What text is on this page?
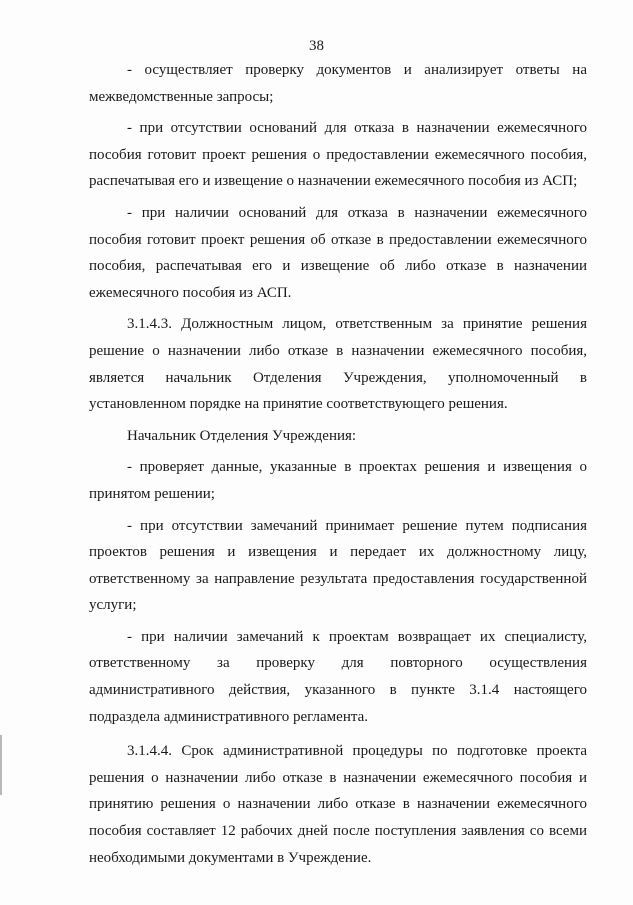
38

- осуществляет проверку документов и анализирует ответы на межведомственные запросы;

- при отсутствии оснований для отказа в назначении ежемесячного пособия готовит проект решения о предоставлении ежемесячного пособия, распечатывая его и извещение о назначении ежемесячного пособия из АСП;

- при наличии оснований для отказа в назначении ежемесячного пособия готовит проект решения об отказе в предоставлении ежемесячного пособия, распечатывая его и извещение об либо отказе в назначении ежемесячного пособия из АСП.

3.1.4.3. Должностным лицом, ответственным за принятие решения решение о назначении либо отказе в назначении ежемесячного пособия, является начальник Отделения Учреждения, уполномоченный в установленном порядке на принятие соответствующего решения.

Начальник Отделения Учреждения:

- проверяет данные, указанные в проектах решения и извещения о принятом решении;

- при отсутствии замечаний принимает решение путем подписания проектов решения и извещения и передает их должностному лицу, ответственному за направление результата предоставления государственной услуги;

- при наличии замечаний к проектам возвращает их специалисту, ответственному за проверку для повторного осуществления административного действия, указанного в пункте 3.1.4 настоящего подраздела административного регламента.

3.1.4.4. Срок административной процедуры по подготовке проекта решения о назначении либо отказе в назначении ежемесячного пособия и принятию решения о назначении либо отказе в назначении ежемесячного пособия составляет 12 рабочих дней после поступления заявления со всеми необходимыми документами в Учреждение.
